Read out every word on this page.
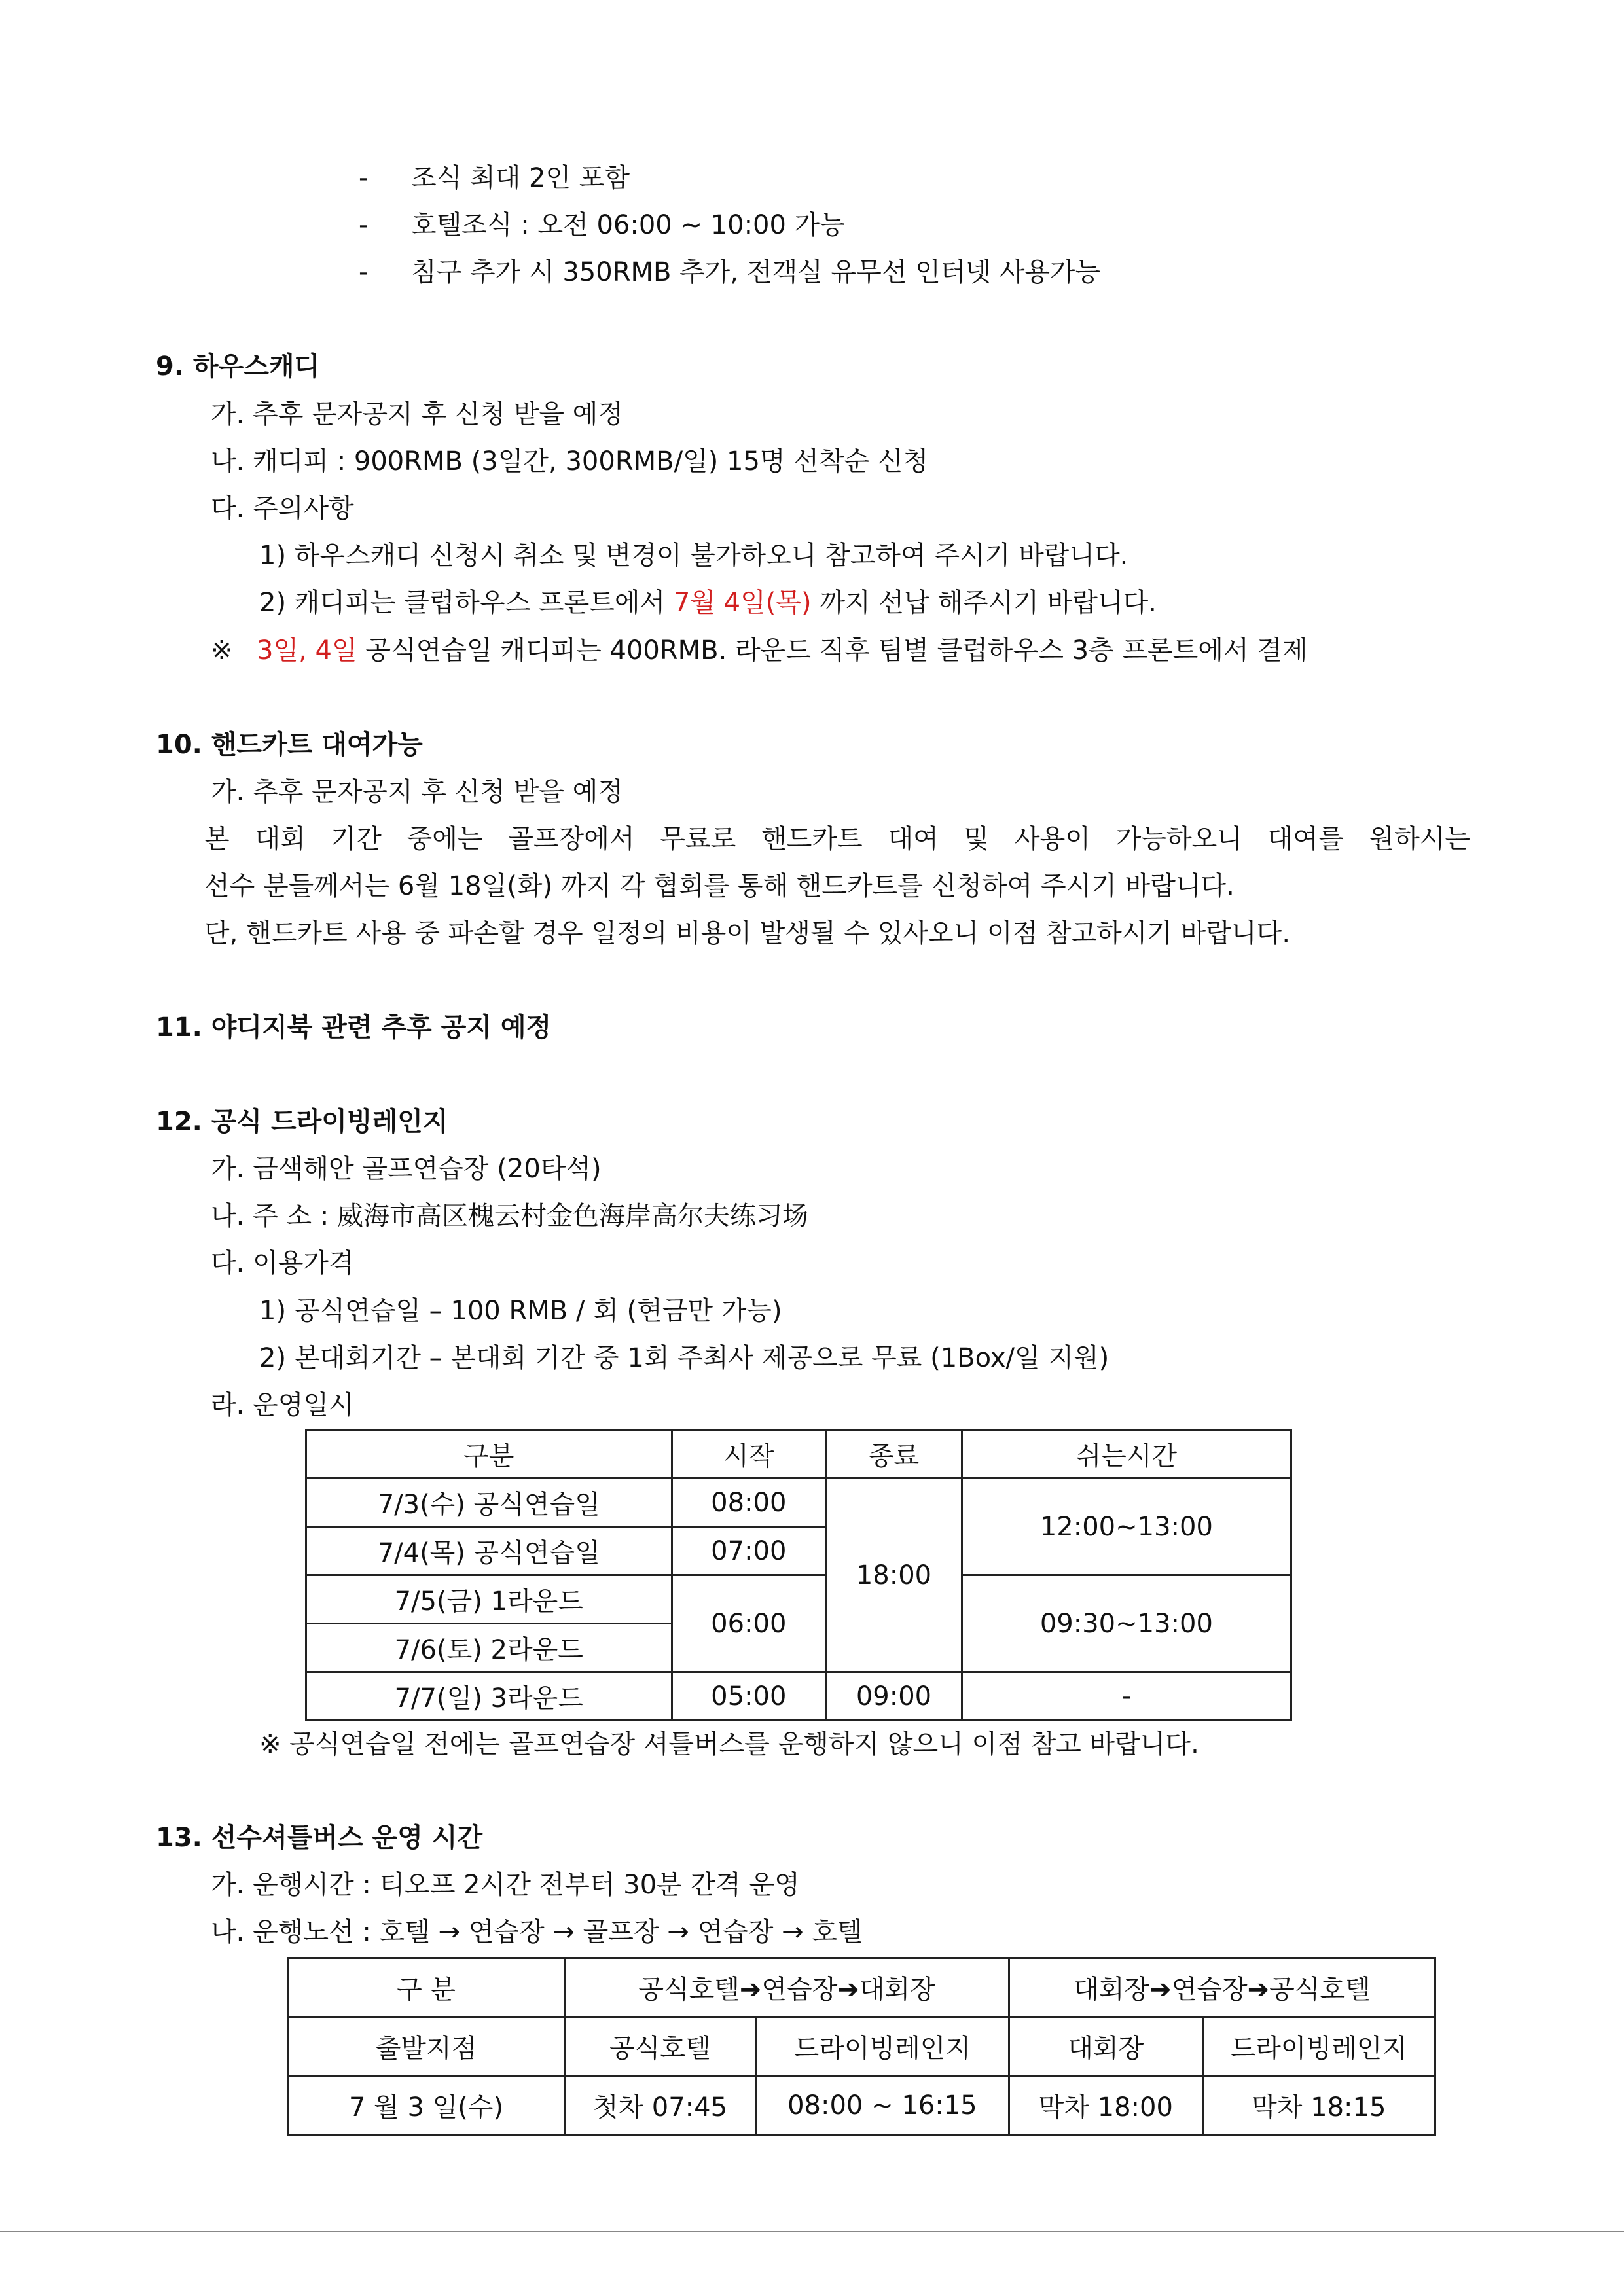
- 조식 최대 2인 포함
- 호텔조식 : 오전 06:00 ~ 10:00 가능
- 침구 추가 시 350RMB 추가, 전객실 유무선 인터넷 사용가능
9. 하우스캐디
가. 추후 문자공지 후 신청 받을 예정
나. 캐디피 : 900RMB (3일간, 300RMB/일) 15명 선착순 신청
다. 주의사항
1) 하우스캐디 신청시 취소 및 변경이 불가하오니 참고하여 주시기 바랍니다.
2) 캐디피는 클럽하우스 프론트에서 7월 4일(목) 까지 선납 해주시기 바랍니다.
※ 3일, 4일 공식연습일 캐디피는 400RMB. 라운드 직후 팀별 클럽하우스 3층 프론트에서 결제
10. 핸드카트 대여가능
가. 추후 문자공지 후 신청 받을 예정
본 대회 기간 중에는 골프장에서 무료로 핸드카트 대여 및 사용이 가능하오니 대여를 원하시는
선수 분들께서는 6월 18일(화) 까지 각 협회를 통해 핸드카트를 신청하여 주시기 바랍니다.
단, 핸드카트 사용 중 파손할 경우 일정의 비용이 발생될 수 있사오니 이점 참고하시기 바랍니다.
11. 야디지북 관련 추후 공지 예정
12. 공식 드라이빙레인지
가. 금색해안 골프연습장 (20타석)
나. 주 소 : 威海市高区槐云村金色海岸高尔夫练习场
다. 이용가격
1) 공식연습일 – 100 RMB / 회 (현금만 가능)
2) 본대회기간 – 본대회 기간 중 1회 주최사 제공으로 무료 (1Box/일 지원)
라. 운영일시
구분	시작	종료	쉬는시간
7/3(수) 공식연습일	08:00	18:00	12:00~13:00
7/4(목) 공식연습일	07:00		
7/5(금) 1라운드	06:00		09:30~13:00
7/6(토) 2라운드			
7/7(일) 3라운드	05:00	09:00	-
※ 공식연습일 전에는 골프연습장 셔틀버스를 운행하지 않으니 이점 참고 바랍니다.
13. 선수셔틀버스 운영 시간
가. 운행시간 : 티오프 2시간 전부터 30분 간격 운영
나. 운행노선 : 호텔 → 연습장 → 골프장 → 연습장 → 호텔
구 분	공식호텔➔연습장➔대회장		대회장➔연습장➔공식호텔	
출발지점	공식호텔	드라이빙레인지	대회장	드라이빙레인지
7 월 3 일(수)	첫차 07:45	08:00 ~ 16:15	막차 18:00	막차 18:15
